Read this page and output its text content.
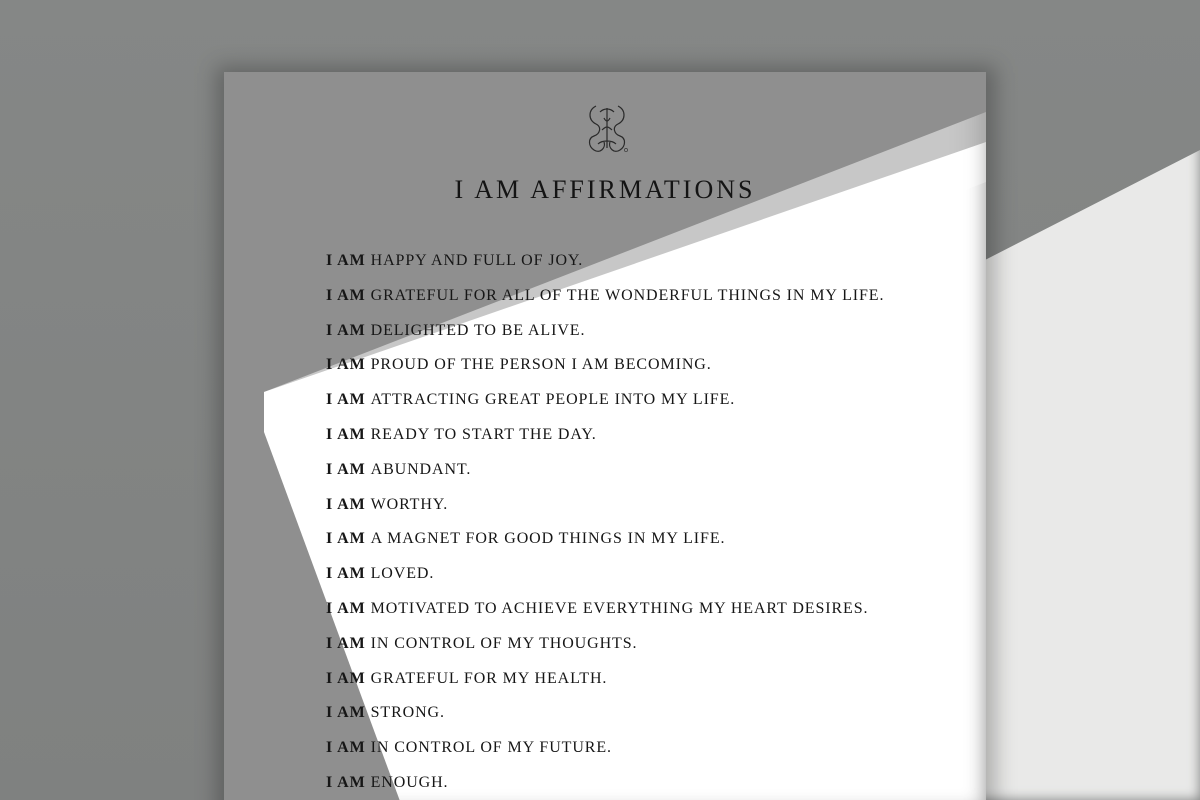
I AM AFFIRMATIONS
I AM HAPPY AND FULL OF JOY.
I AM GRATEFUL FOR ALL OF THE WONDERFUL THINGS IN MY LIFE.
I AM DELIGHTED TO BE ALIVE.
I AM PROUD OF THE PERSON I AM BECOMING.
I AM ATTRACTING GREAT PEOPLE INTO MY LIFE.
I AM READY TO START THE DAY.
I AM ABUNDANT.
I AM WORTHY.
I AM A MAGNET FOR GOOD THINGS IN MY LIFE.
I AM LOVED.
I AM MOTIVATED TO ACHIEVE EVERYTHING MY HEART DESIRES.
I AM IN CONTROL OF MY THOUGHTS.
I AM GRATEFUL FOR MY HEALTH.
I AM STRONG.
I AM IN CONTROL OF MY FUTURE.
I AM ENOUGH.
